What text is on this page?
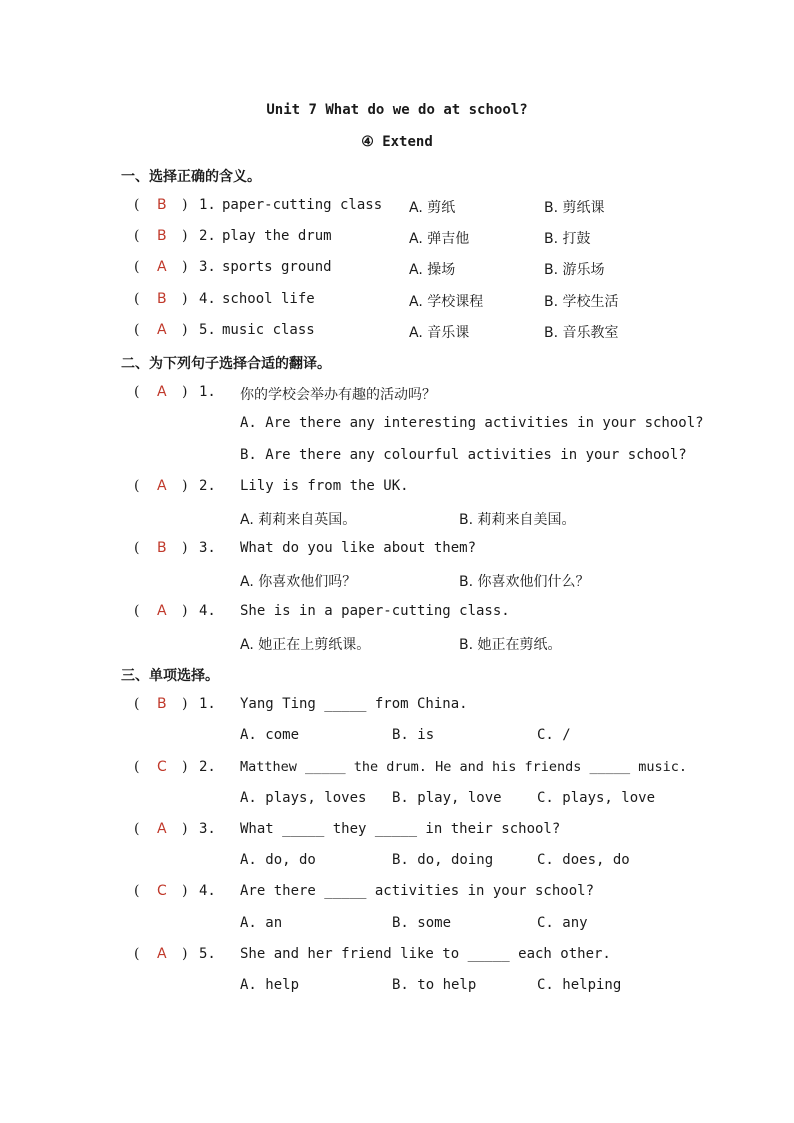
Unit 7 What do we do at school?
④ Extend
一、选择正确的含义。
( B ) 1. paper-cutting class A. 剪纸	B. 剪纸课
( B ) 2. play the drum	A. 弹吉他	B. 打鼓
( A ) 3. sports ground	A. 操场	B. 游乐场
( B ) 4. school life	A. 学校课程	B. 学校生活
( A ) 5. music class	A. 音乐课	B. 音乐教室
二、为下列句子选择合适的翻译。
( A ) 1. 你的学校会举办有趣的活动吗？
A. Are there any interesting activities in your school?
B. Are there any colourful activities in your school?
( A ) 2. Lily is from the UK.
A. 莉莉来自英国。	B. 莉莉来自美国。
( B ) 3. What do you like about them?
A. 你喜欢他们吗？	B. 你喜欢他们什么？
( A ) 4. She is in a paper-cutting class.
A. 她正在上剪纸课。	B. 她正在剪纸。
三、单项选择。
( B ) 1. Yang Ting _____ from China.
A. come	B. is	C. /
( C ) 2. Matthew _____ the drum. He and his friends _____ music.
A. plays, loves B. play, love	C. plays, love
( A ) 3. What _____ they _____ in their school?
A. do, do	B. do, doing	C. does, do
( C ) 4. Are there _____ activities in your school?
A. an	B. some	C. any
( A ) 5. She and her friend like to _____ each other.
A. help	B. to help	C. helping
